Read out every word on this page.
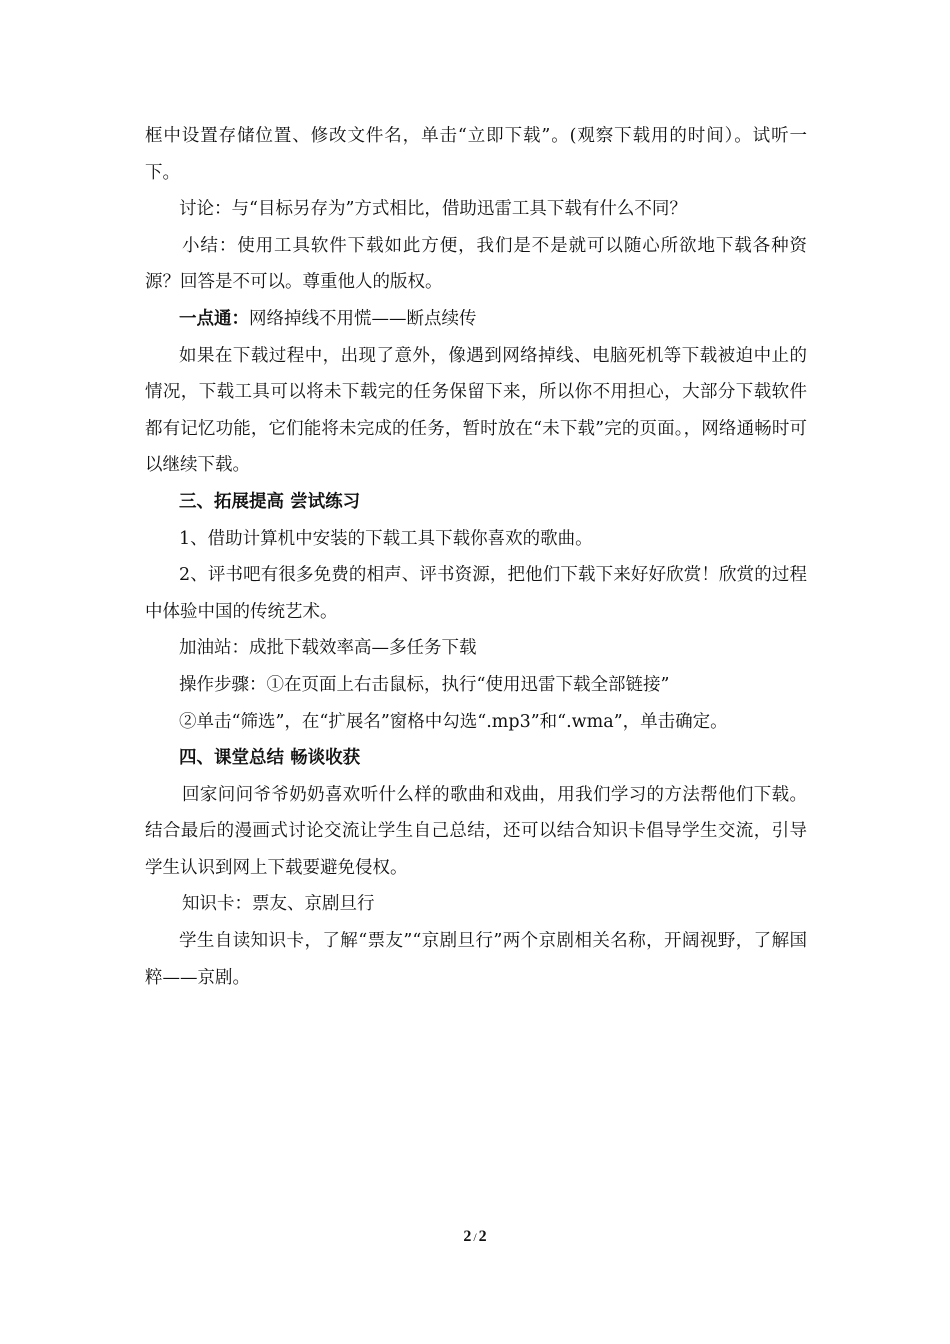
框中设置存储位置、修改文件名，单击“立即下载”。(观察下载用的时间）。试听一下。

讨论：与“目标另存为”方式相比，借助迅雷工具下载有什么不同？

小结：使用工具软件下载如此方便，我们是不是就可以随心所欲地下载各种资源？回答是不可以。尊重他人的版权。

一点通：网络掉线不用慌——断点续传

如果在下载过程中，出现了意外，像遇到网络掉线、电脑死机等下载被迫中止的情况，下载工具可以将未下载完的任务保留下来，所以你不用担心，大部分下载软件都有记忆功能，它们能将未完成的任务，暂时放在“未下载”完的页面。，网络通畅时可以继续下载。

三、拓展提高 尝试练习

1、借助计算机中安装的下载工具下载你喜欢的歌曲。

2、评书吧有很多免费的相声、评书资源，把他们下载下来好好欣赏！欣赏的过程中体验中国的传统艺术。

加油站：成批下载效率高—多任务下载

操作步骤：①在页面上右击鼠标，执行“使用迅雷下载全部链接”

②单击“筛选”，在“扩展名”窗格中勾选“.mp3”和“.wma”，单击确定。

四、课堂总结 畅谈收获

回家问问爷爷奶奶喜欢听什么样的歌曲和戏曲，用我们学习的方法帮他们下载。结合最后的漫画式讨论交流让学生自己总结，还可以结合知识卡倡导学生交流，引导学生认识到网上下载要避免侵权。

知识卡：票友、京剧旦行

学生自读知识卡，了解“票友”“京剧旦行”两个京剧相关名称，开阔视野，了解国粹——京剧。

2 / 2
